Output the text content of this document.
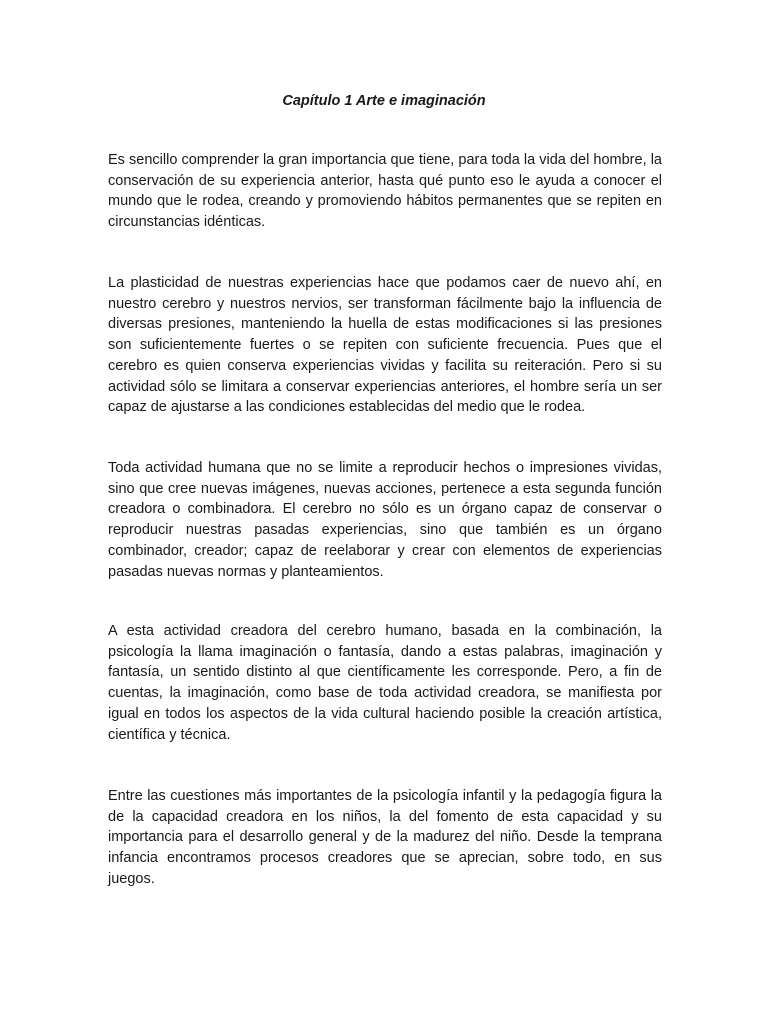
Capítulo 1 Arte e imaginación

Es sencillo comprender la gran importancia que tiene, para toda la vida del hombre, la conservación de su experiencia anterior, hasta qué punto eso le ayuda a conocer el mundo que le rodea, creando y promoviendo hábitos permanentes que se repiten en circunstancias idénticas.

La plasticidad de nuestras experiencias hace que podamos caer de nuevo ahí, en nuestro cerebro y nuestros nervios, ser transforman fácilmente bajo la influencia de diversas presiones, manteniendo la huella de estas modificaciones si las presiones son suficientemente fuertes o se repiten con suficiente frecuencia. Pues que el cerebro es quien conserva experiencias vividas y facilita su reiteración. Pero si su actividad sólo se limitara a conservar experiencias anteriores, el hombre sería un ser capaz de ajustarse a las condiciones establecidas del medio que le rodea.

Toda actividad humana que no se limite a reproducir hechos o impresiones vividas, sino que cree nuevas imágenes, nuevas acciones, pertenece a esta segunda función creadora o combinadora. El cerebro no sólo es un órgano capaz de conservar o reproducir nuestras pasadas experiencias, sino que también es un órgano combinador, creador; capaz de reelaborar y crear con elementos de experiencias pasadas nuevas normas y planteamientos.

A esta actividad creadora del cerebro humano, basada en la combinación, la psicología la llama imaginación o fantasía, dando a estas palabras, imaginación y fantasía, un sentido distinto al que científicamente les corresponde. Pero, a fin de cuentas, la imaginación, como base de toda actividad creadora, se manifiesta por igual en todos los aspectos de la vida cultural haciendo posible la creación artística, científica y técnica.

Entre las cuestiones más importantes de la psicología infantil y la pedagogía figura la de la capacidad creadora en los niños, la del fomento de esta capacidad y su importancia para el desarrollo general y de la madurez del niño. Desde la temprana infancia encontramos procesos creadores que se aprecian, sobre todo, en sus juegos.
